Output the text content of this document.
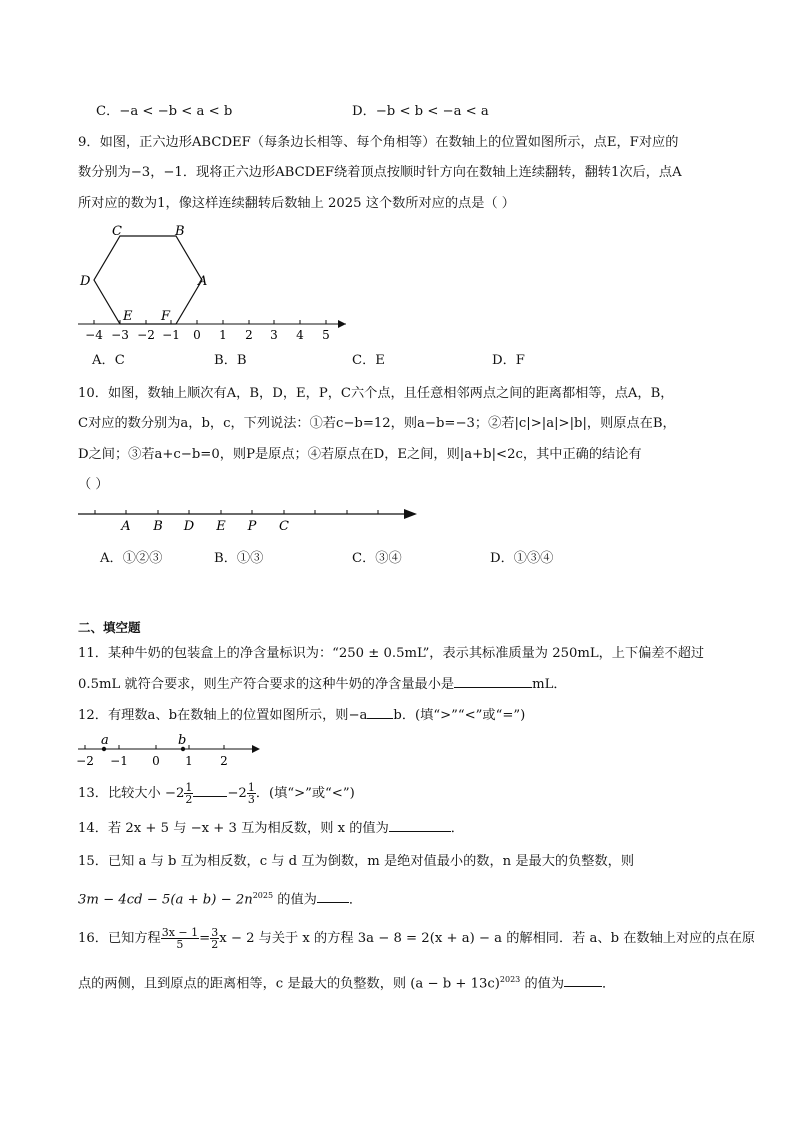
C．−a < −b < a < b	D．−b < b < −a < a
9．如图，正六边形ABCDEF（每条边长相等、每个角相等）在数轴上的位置如图所示，点E，F对应的
数分别为−3，−1．现将正六边形ABCDEF绕着顶点按顺时针方向在数轴上连续翻转，翻转1次后，点A
所对应的数为1，像这样连续翻转后数轴上 2025 这个数所对应的点是（ ）
C	B
D	A
E F
−4 −3 −2 −1 0 1 2 3 4 5
A．C	B．B	C．E	D．F
10．如图，数轴上顺次有A，B，D，E，P，C六个点，且任意相邻两点之间的距离都相等，点A，B，
C对应的数分别为a，b，c，下列说法：①若c−b=12，则a−b=−3；②若|c|>|a|>|b|，则原点在B，
D之间；③若a+c−b=0，则P是原点；④若原点在D，E之间，则|a+b|<2c，其中正确的结论有
（ ）
A B D E P C
A．①②③	B．①③	C．③④	D．①③④
二、填空题
11．某种牛奶的包装盒上的净含量标识为：“250 ± 0.5mL”，表示其标准质量为 250mL，上下偏差不超过
0.5mL 就符合要求，则生产符合要求的这种牛奶的净含量最小是	mL．
12．有理数a、b在数轴上的位置如图所示，则−a b．(填“>”“<”或“=”)
a	b
−2 −1 0 1 2
13．比较大小 $-2 \frac{1}{2}$	$-2 \frac{1}{3}$ ．(填“>”或“<”)
14．若 2x + 5 与 −x + 3 互为相反数，则 x 的值为	．
15．已知 a 与 b 互为相反数，c 与 d 互为倒数，m 是绝对值最小的数，n 是最大的负整数，则
$3m - 4cd - 5(a + b) - 2n^{2025}$ 的值为 ．
16．已知方程 $\frac{3x - 1}{5} = \frac{3}{2}$ x − 2 与关于 x 的方程 3a − 8 = 2(x + a) − a 的解相同．若 a、b 在数轴上对应的点在原
点的两侧，且到原点的距离相等，c 是最大的负整数，则 $(a - b + 13c)^{2023}$ 的值为	．
